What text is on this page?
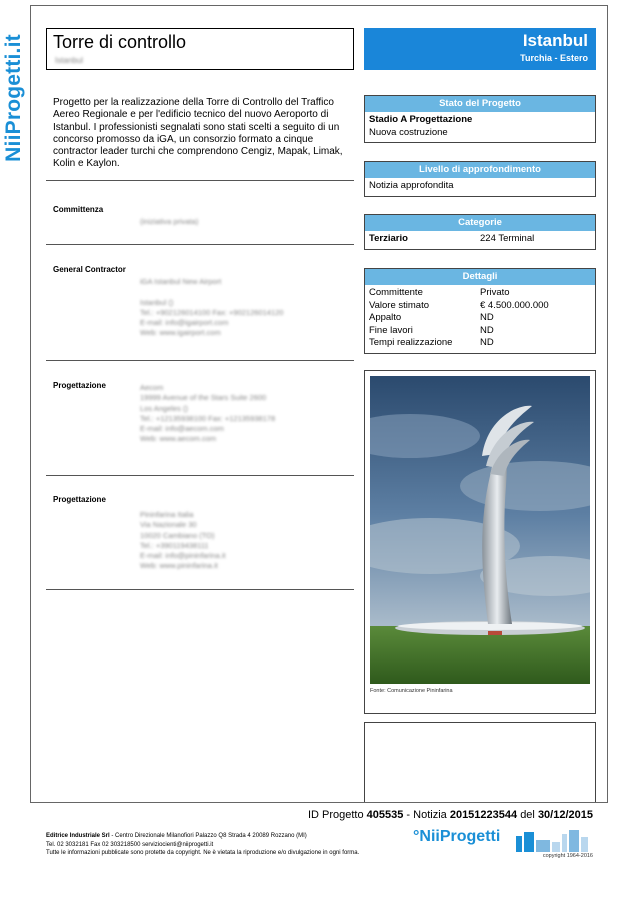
NiiProgetti.it Torre di controllo
Istanbul
Istanbul
Turchia - Estero
Progetto per la realizzazione della Torre di Controllo del Traffico Aereo Regionale e per l'edificio tecnico del nuovo Aeroporto di Istanbul. I professionisti segnalati sono stati scelti a seguito di un concorso promosso da iGA, un consorzio formato a cinque contractor leader turchi che comprendono Cengiz, Mapak, Limak, Kolin e Kaylon.
Committenza
(iniziativa privata)
General Contractor
iGA Istanbul New Airport
Istanbul ()
Tel.: +902126014100 Fax: +902126014120
E-mail: info@igairport.com
Web: www.igairport.com
Progettazione	Aecom
19999 Avenue of the Stars Suite 2600
Los Angeles ()
Tel.: +12135938100 Fax: +12135938178
E-mail: info@aecom.com
Web: www.aecom.com
Progettazione
Pininfarina Italia
Via Nazionale 30
10020 Cambiano (TO)
Tel.: +390119438111
E-mail: info@pininfarina.it
Web: www.pininfarina.it
Stato del Progetto
Stadio A Progettazione
Nuova costruzione
Livello di approfondimento
Notizia approfondita
Categorie
Terziario	224 Terminal
Dettagli
Committente	Privato
Valore stimato	€ 4.500.000.000
Appalto	ND
Fine lavori	ND
Tempi realizzazione	ND
Fonte: Comunicazione Pininfarina
ID Progetto 405535 - Notizia 20151223544 del 30/12/2015
Editrice Industriale Srl - Centro Direzionale Milanofiori Palazzo Q8 Strada 4 20089 Rozzano (MI)
Tel. 02 3032181 Fax 02 303218500 serviziocienti@niiprogetti.it
Tutte le informazioni pubblicate sono protette da copyright. Ne è vietata la riproduzione e/o divulgazione in ogni forma.
°NiiProgetti
copyright 1964-2016
